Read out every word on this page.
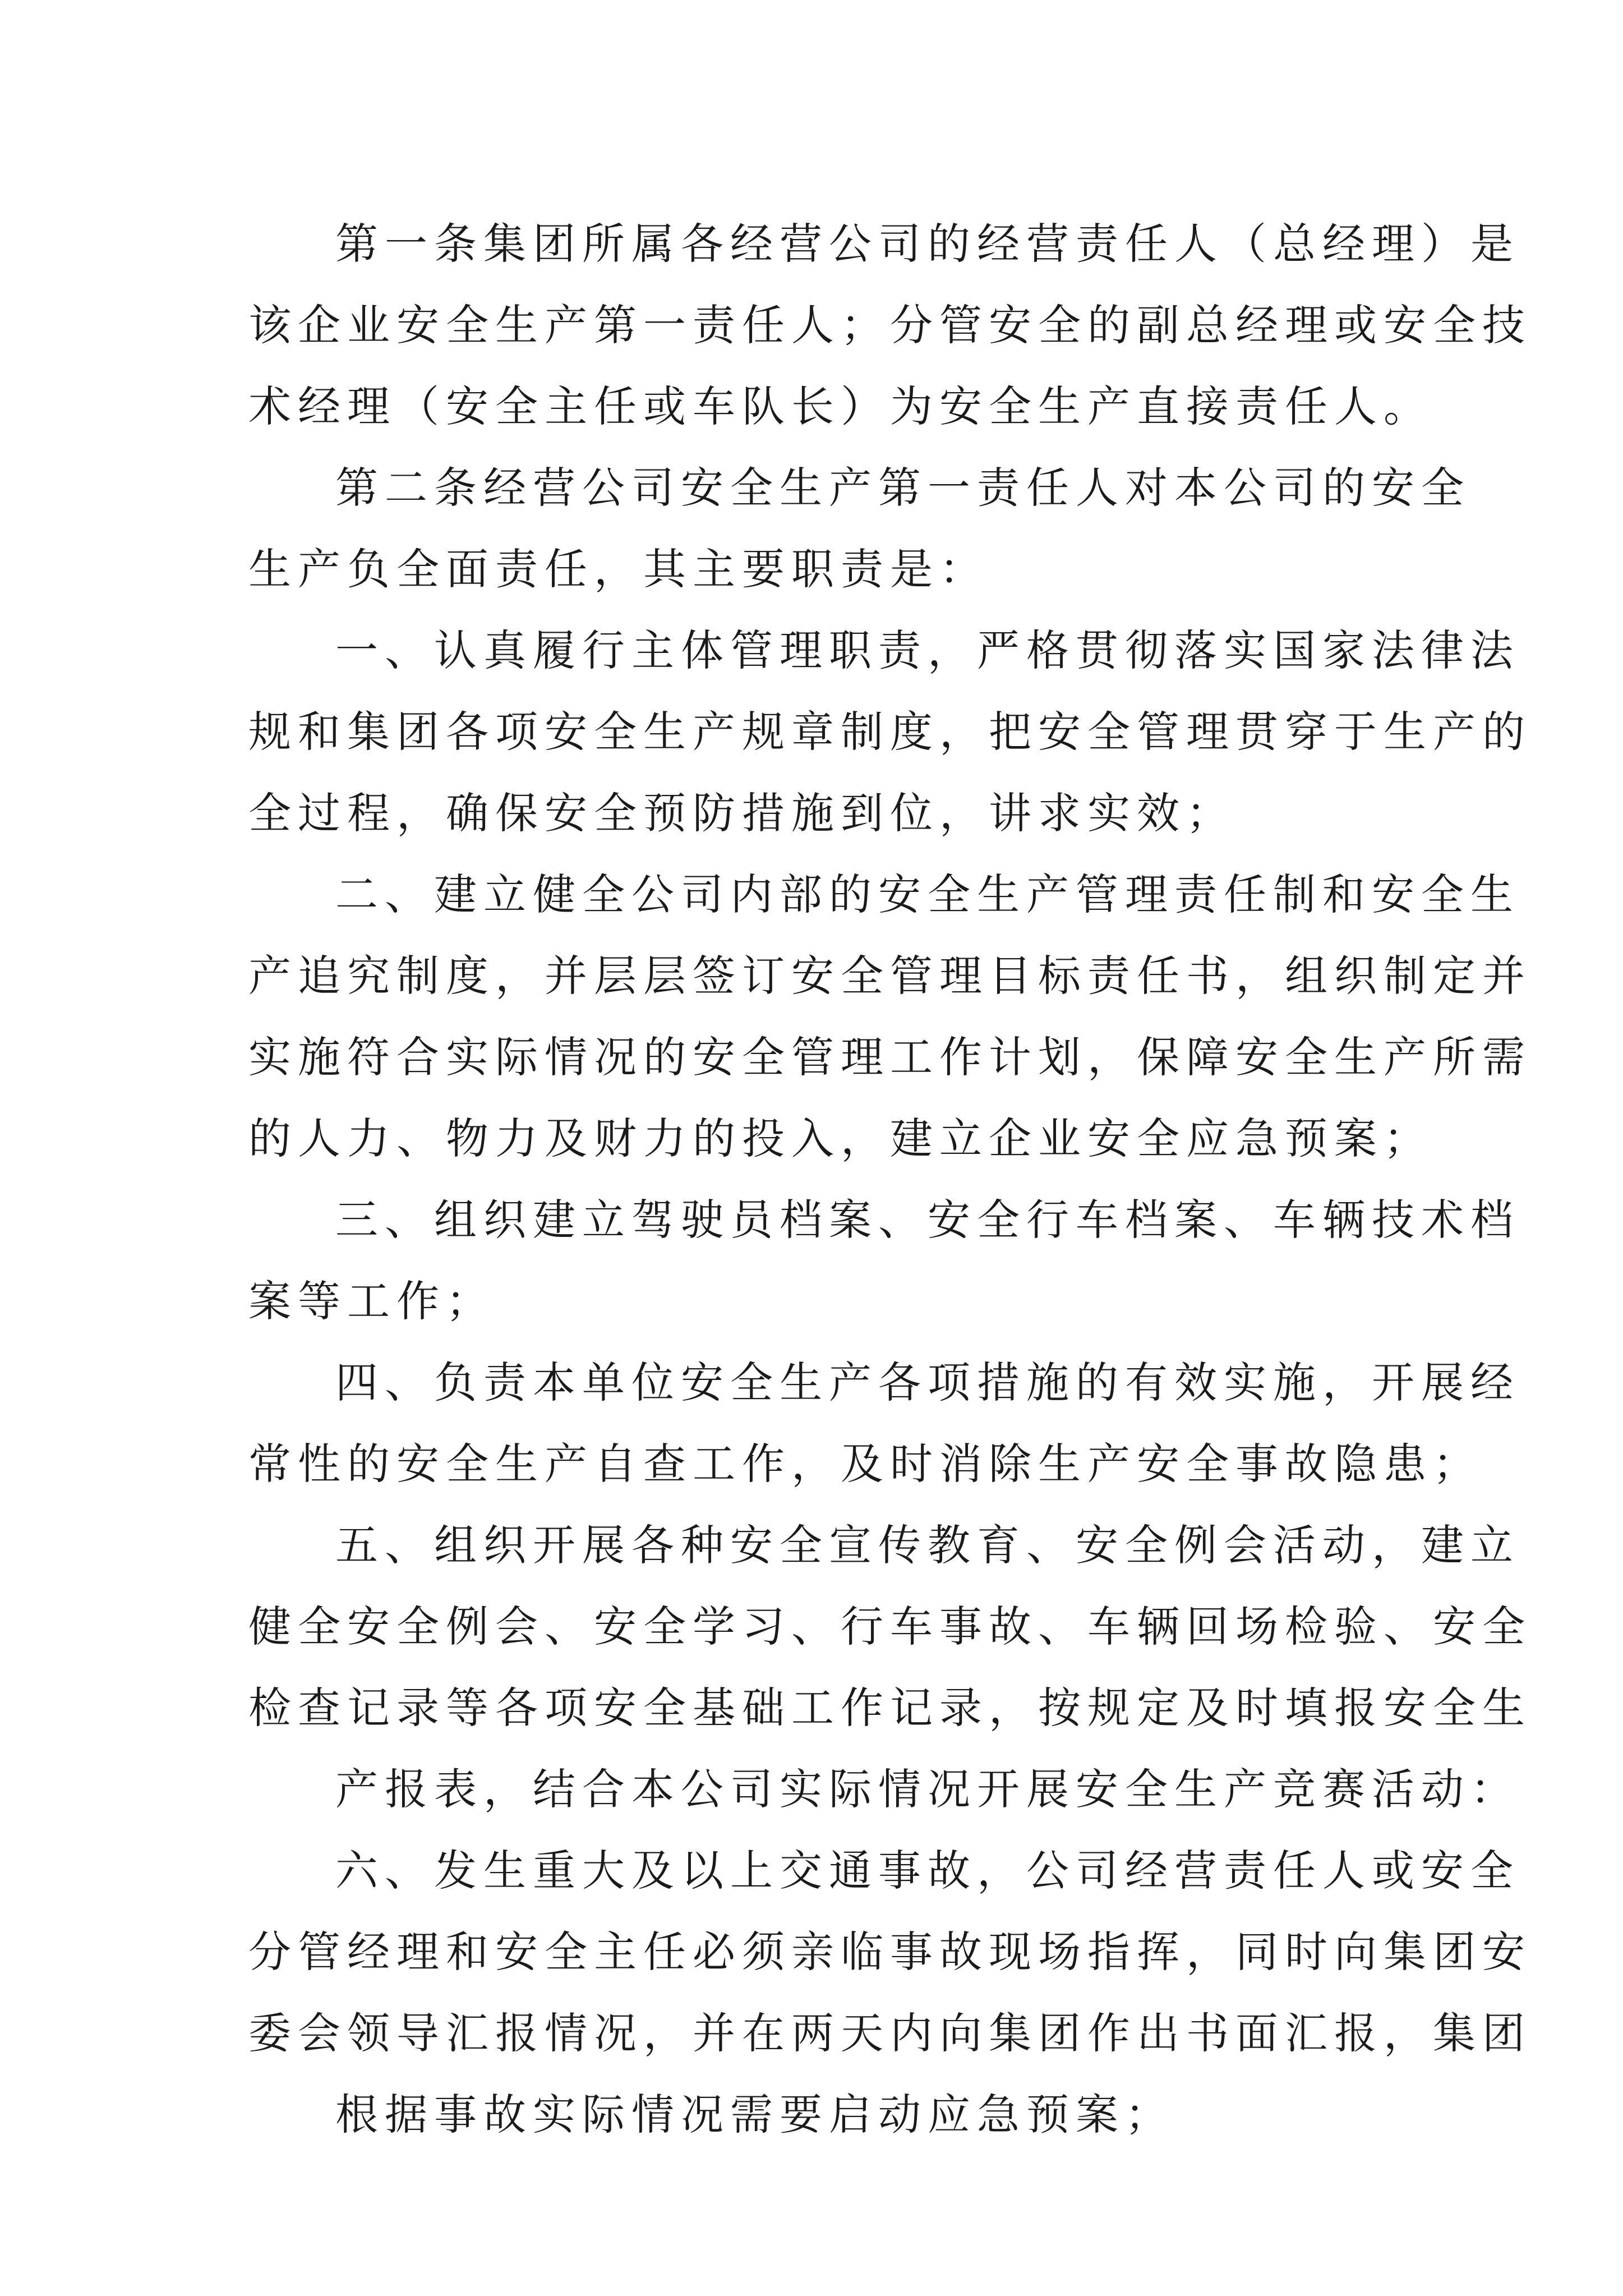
第一条集团所属各经营公司的经营责任人（总经理）是
该企业安全生产第一责任人；分管安全的副总经理或安全技
术经理（安全主任或车队长）为安全生产直接责任人。
第二条经营公司安全生产第一责任人对本公司的安全
生产负全面责任，其主要职责是：
一、认真履行主体管理职责，严格贯彻落实国家法律法
规和集团各项安全生产规章制度，把安全管理贯穿于生产的
全过程，确保安全预防措施到位，讲求实效；
二、建立健全公司内部的安全生产管理责任制和安全生
产追究制度，并层层签订安全管理目标责任书，组织制定并
实施符合实际情况的安全管理工作计划，保障安全生产所需
的人力、物力及财力的投入，建立企业安全应急预案；
三、组织建立驾驶员档案、安全行车档案、车辆技术档
案等工作；
四、负责本单位安全生产各项措施的有效实施，开展经
常性的安全生产自查工作，及时消除生产安全事故隐患；
五、组织开展各种安全宣传教育、安全例会活动，建立
健全安全例会、安全学习、行车事故、车辆回场检验、安全
检查记录等各项安全基础工作记录，按规定及时填报安全生
产报表，结合本公司实际情况开展安全生产竞赛活动：
六、发生重大及以上交通事故，公司经营责任人或安全
分管经理和安全主任必须亲临事故现场指挥，同时向集团安
委会领导汇报情况，并在两天内向集团作出书面汇报，集团
根据事故实际情况需要启动应急预案；
